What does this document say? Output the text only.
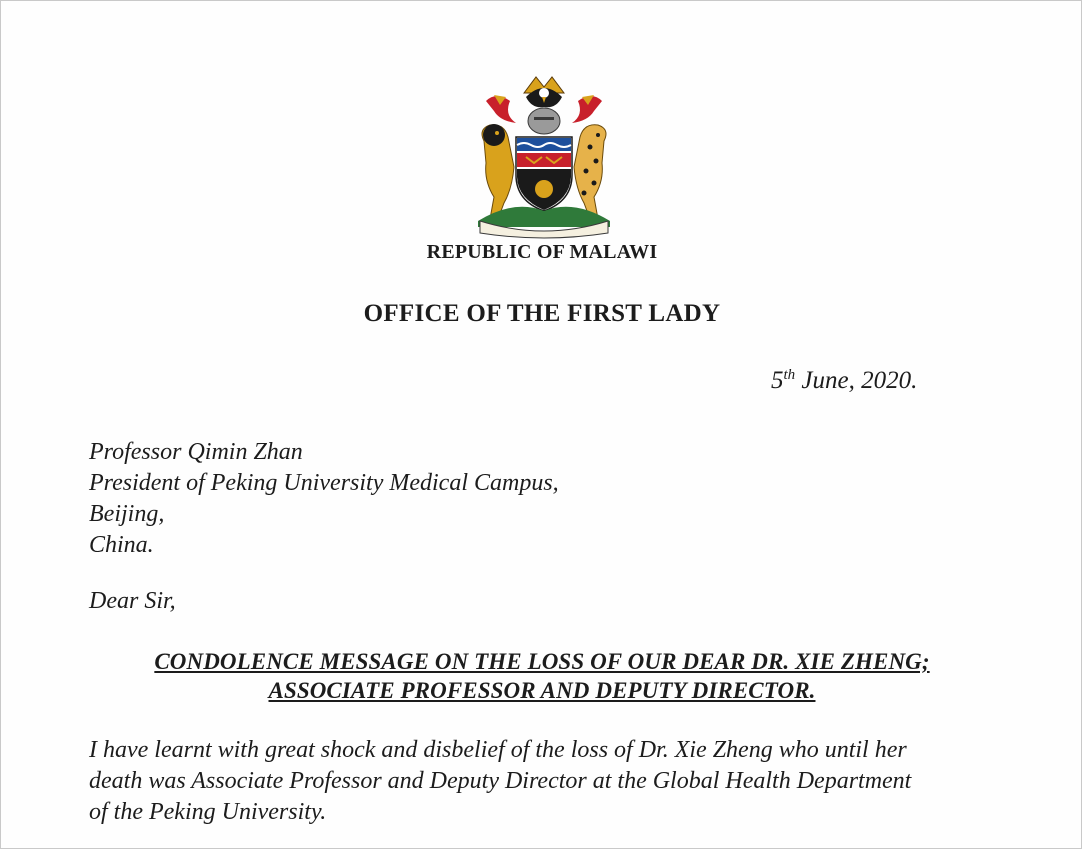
REPUBLIC OF MALAWI
OFFICE OF THE FIRST LADY
5th June, 2020.
Professor Qimin Zhan
President of Peking University Medical Campus,
Beijing,
China.
Dear Sir,
CONDOLENCE MESSAGE ON THE LOSS OF OUR DEAR DR. XIE ZHENG;
ASSOCIATE PROFESSOR AND DEPUTY DIRECTOR.
I have learnt with great shock and disbelief of the loss of Dr. Xie Zheng who until her
death was Associate Professor and Deputy Director at the Global Health Department
of the Peking University.
